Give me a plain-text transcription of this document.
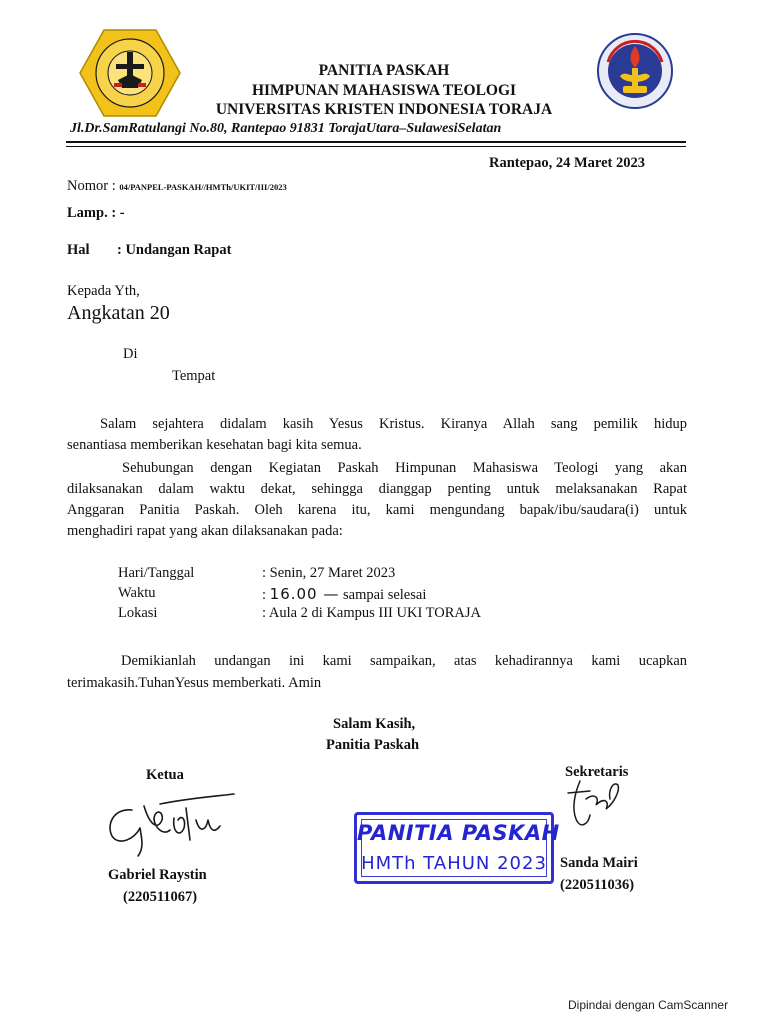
PANITIA PASKAH
HIMPUNAN MAHASISWA TEOLOGI
UNIVERSITAS KRISTEN INDONESIA TORAJA
Jl.Dr.SamRatulangi No.80, Rantepao 91831 TorajaUtara–SulawesiSelatan
Rantepao, 24 Maret 2023
Nomor : 04/PANPEL-PASKAH//HMTh/UKIT/III/2023
Lamp. : -
Hal : Undangan Rapat
Kepada Yth,
Angkatan 20
Di
Tempat
Salam sejahtera didalam kasih Yesus Kristus. Kiranya Allah sang pemilik hidup
senantiasa memberikan kesehatan bagi kita semua.
Sehubungan dengan Kegiatan Paskah Himpunan Mahasiswa Teologi yang akan
dilaksanakan dalam waktu dekat, sehingga dianggap penting untuk melaksanakan Rapat
Anggaran Panitia Paskah. Oleh karena itu, kami mengundang bapak/ibu/saudara(i) untuk
menghadiri rapat yang akan dilaksanakan pada:
Hari/Tanggal	: Senin, 27 Maret 2023
Waktu	: 16.00 — sampai selesai
Lokasi	: Aula 2 di Kampus III UKI TORAJA
Demikianlah undangan ini kami sampaikan, atas kehadirannya kami ucapkan
terimakasih.TuhanYesus memberkati. Amin
Salam Kasih,
Panitia Paskah
Ketua	Sekretaris
Gabriel Raystin
(220511067)
Sanda Mairi
(220511036)
PANITIA PASKAH
HMTh TAHUN 2023
Dipindai dengan CamScanner
